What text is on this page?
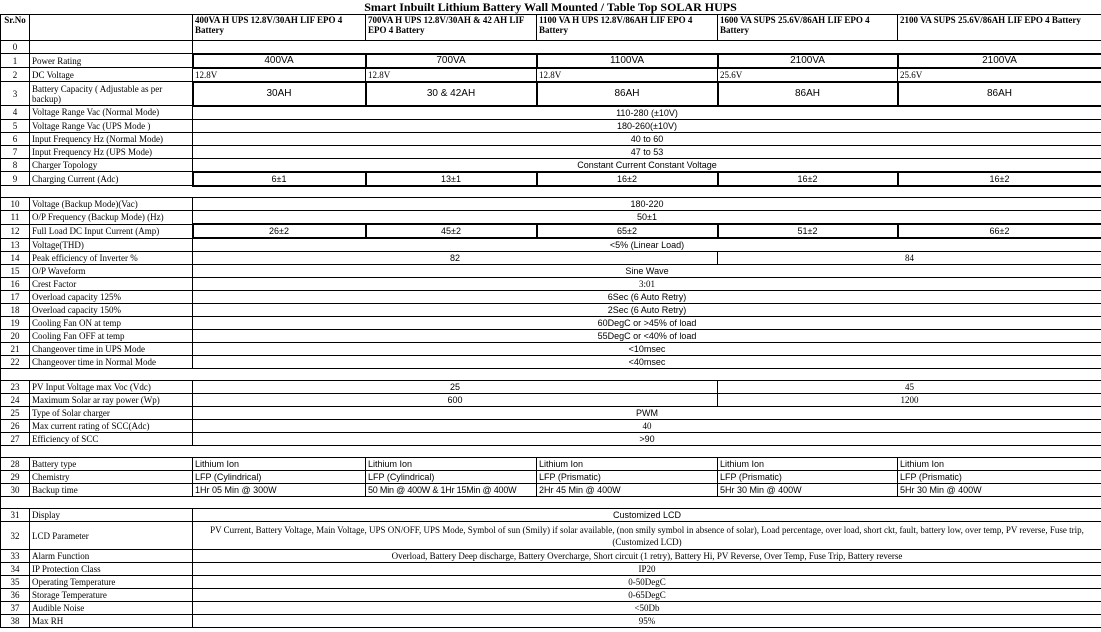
Smart Inbuilt Lithium Battery Wall Mounted / Table Top SOLAR HUPS
Sr.No		400VA H UPS 12.8V/30AH LIF EPO 4 Battery	700VA H UPS 12.8V/30AH & 42 AH LIF EPO 4 Battery	1100 VA H UPS 12.8V/86AH LIF EPO 4 Battery	1600 VA SUPS 25.6V/86AH LIF EPO 4 Battery	2100 VA SUPS 25.6V/86AH LIF EPO 4 Battery
0						
1	Power Rating	400VA	700VA	1100VA	2100VA	2100VA
2	DC Voltage	12.8V	12.8V	12.8V	25.6V	25.6V
3	Battery Capacity ( Adjustable as per backup)	30AH	30 & 42AH	86AH	86AH	86AH
4	Voltage Range Vac (Normal Mode)	110-280 (±10V)				
5	Voltage Range Vac (UPS Mode )	180-260(±10V)				
6	Input Frequency Hz (Normal Mode)	40 to 60				
7	Input Frequency Hz (UPS Mode)	47 to 53				
8	Charger Topology	Constant Current Constant Voltage				
9	Charging Current (Adc)	6±1	13±1	16±2	16±2	16±2

10	Voltage (Backup Mode)(Vac)	180-220				
11	O/P Frequency (Backup Mode) (Hz)	50±1				
12	Full Load DC Input Current (Amp)	26±2	45±2	65±2	51±2	66±2
13	Voltage(THD)	<5% (Linear Load)				
14	Peak efficiency of Inverter %	82			84	
15	O/P Waveform	Sine Wave				
16	Crest Factor	3:01				
17	Overload capacity 125%	6Sec (6 Auto Retry)				
18	Overload capacity 150%	2Sec (6 Auto Retry)				
19	Cooling Fan ON at temp	60DegC or >45% of load				
20	Cooling Fan OFF at temp	55DegC or <40% of load				
21	Changeover time in UPS Mode	<10msec				
22	Changeover time in Normal Mode	<40msec				

23	PV Input Voltage max Voc (Vdc)	25			45	
24	Maximum Solar ar ray power (Wp)	600			1200	
25	Type of Solar charger	PWM				
26	Max current rating of SCC(Adc)	40				
27	Efficiency of SCC	>90				

28	Battery type	Lithium Ion	Lithium Ion	Lithium Ion	Lithium Ion	Lithium Ion
29	Chemistry	LFP (Cylindrical)	LFP (Cylindrical)	LFP (Prismatic)	LFP (Prismatic)	LFP (Prismatic)
30	Backup time	1Hr 05 Min @ 300W	50 Min @ 400W & 1Hr 15Min @ 400W	2Hr 45 Min @ 400W	5Hr 30 Min @ 400W	5Hr 30 Min @ 400W

31	Display	Customized LCD				
32	LCD Parameter	PV Current, Battery Voltage, Main Voltage, UPS ON/OFF, UPS Mode, Symbol of sun (Smily) if solar available, (non smily symbol in absence of solar), Load percentage, over load, short ckt, fault, battery low, over temp, PV reverse, Fuse trip, (Customized LCD)				
33	Alarm Function	Overload, Battery Deep discharge, Battery Overcharge, Short circuit (1 retry), Battery Hi, PV Reverse, Over Temp, Fuse Trip, Battery reverse				
34	IP Protection Class	IP20				
35	Operating Temperature	0-50DegC				
36	Storage Temperature	0-65DegC				
37	Audible Noise	<50Db				
38	Max RH	95%				
